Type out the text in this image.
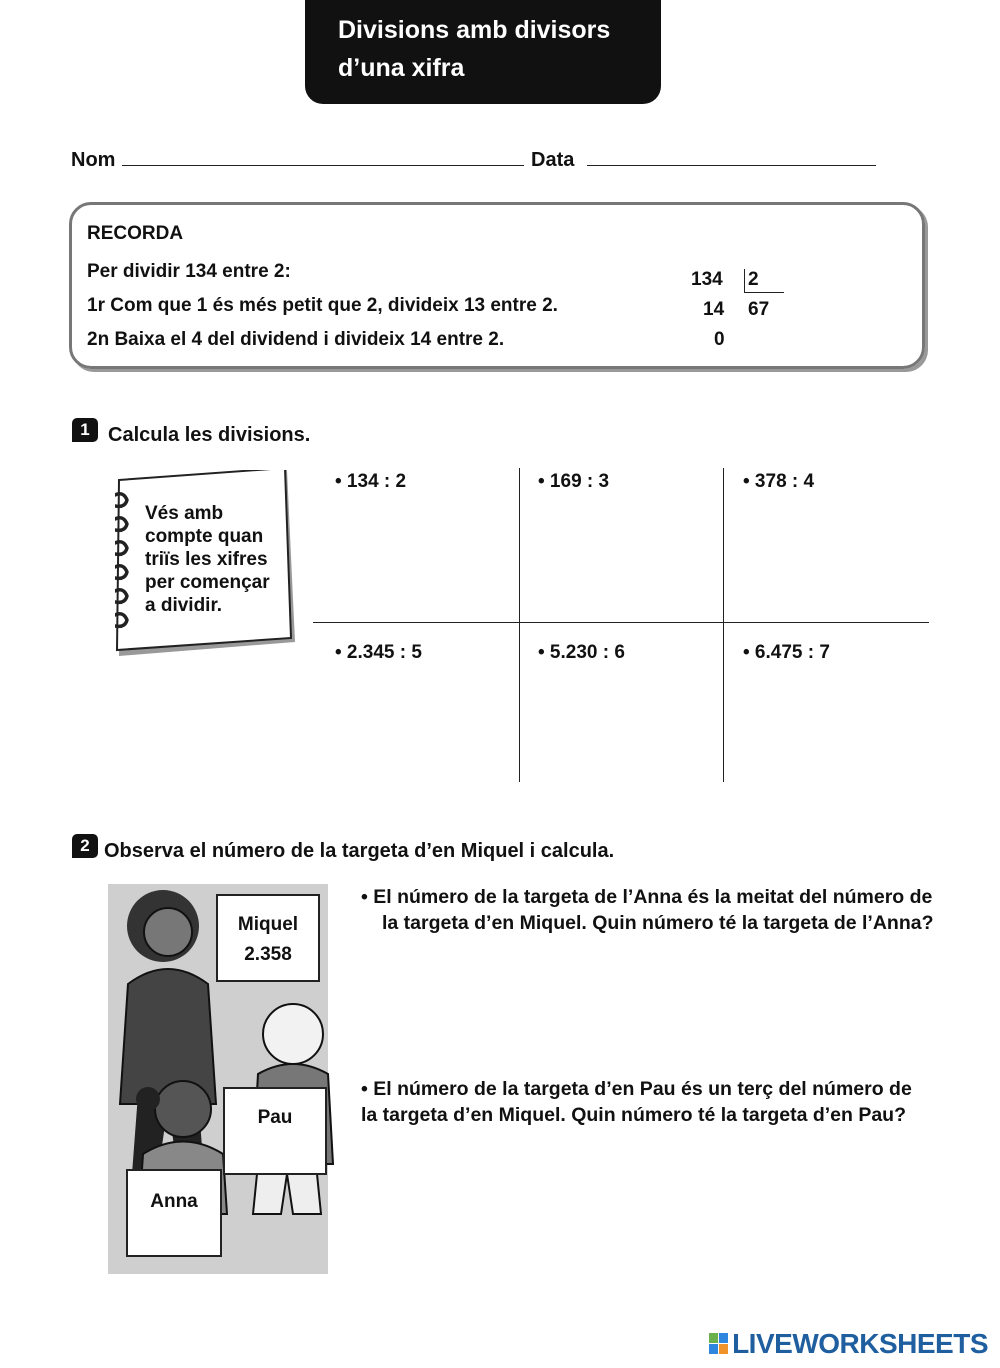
Divisions amb divisors
d’una xifra
Nom	Data
RECORDA
Per dividir 134 entre 2:
1r Com que 1 és més petit que 2, divideix 13 entre 2.
2n Baixa el 4 del dividend i divideix 14 entre 2.
134 2
14 67
0
1 Calcula les divisions.
Vés amb
compte quan
triïs les xifres
per començar
a dividir.
• 134 : 2	• 169 : 3	• 378 : 4
• 2.345 : 5	• 5.230 : 6	• 6.475 : 7
2 Observa el número de la targeta d’en Miquel i calcula.
Miquel
2.358
Pau
Anna
• El número de la targeta de l’Anna és la meitat del número de
la targeta d’en Miquel. Quin número té la targeta de l’Anna?
• El número de la targeta d’en Pau és un terç del número de
la targeta d’en Miquel. Quin número té la targeta d’en Pau?
LIVEWORKSHEETS
